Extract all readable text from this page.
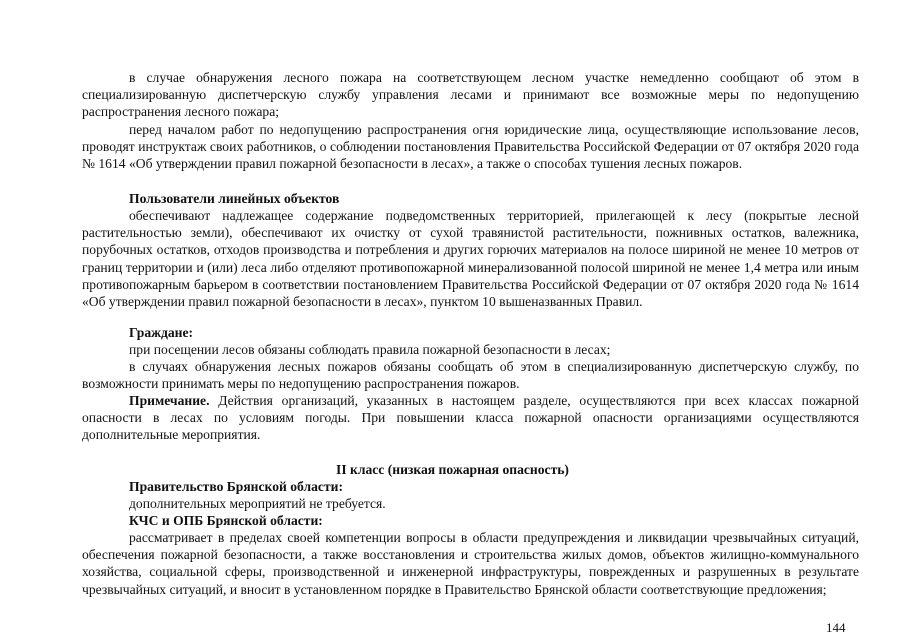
в случае обнаружения лесного пожара на соответствующем лесном участке немедленно сообщают об этом в специализированную диспетчерскую службу управления лесами и принимают все возможные меры по недопущению распространения лесного пожара;

перед началом работ по недопущению распространения огня юридические лица, осуществляющие использование лесов, проводят инструктаж своих работников, о соблюдении постановления Правительства Российской Федерации от 07 октября 2020 года № 1614 «Об утверждении правил пожарной безопасности в лесах», а также о способах тушения лесных пожаров.

Пользователи линейных объектов

обеспечивают надлежащее содержание подведомственных территорией, прилегающей к лесу (покрытые лесной растительностью земли), обеспечивают их очистку от сухой травянистой растительности, пожнивных остатков, валежника, порубочных остатков, отходов производства и потребления и других горючих материалов на полосе шириной не менее 10 метров от границ территории и (или) леса либо отделяют противопожарной минерализованной полосой шириной не менее 1,4 метра или иным противопожарным барьером в соответствии постановлением Правительства Российской Федерации от 07 октября 2020 года № 1614 «Об утверждении правил пожарной безопасности в лесах», пунктом 10 вышеназванных Правил.

Граждане:

при посещении лесов обязаны соблюдать правила пожарной безопасности в лесах;

в случаях обнаружения лесных пожаров обязаны сообщать об этом в специализированную диспетчерскую службу, по возможности принимать меры по недопущению распространения пожаров.

Примечание. Действия организаций, указанных в настоящем разделе, осуществляются при всех классах пожарной опасности в лесах по условиям погоды. При повышении класса пожарной опасности организациями осуществляются дополнительные мероприятия.

II класс (низкая пожарная опасность)
Правительство Брянской области:

дополнительных мероприятий не требуется.

КЧС и ОПБ Брянской области:

рассматривает в пределах своей компетенции вопросы в области предупреждения и ликвидации чрезвычайных ситуаций, обеспечения пожарной безопасности, а также восстановления и строительства жилых домов, объектов жилищно-коммунального хозяйства, социальной сферы, производственной и инженерной инфраструктуры, поврежденных и разрушенных в результате чрезвычайных ситуаций, и вносит в установленном порядке в Правительство Брянской области соответствующие предложения;

144
